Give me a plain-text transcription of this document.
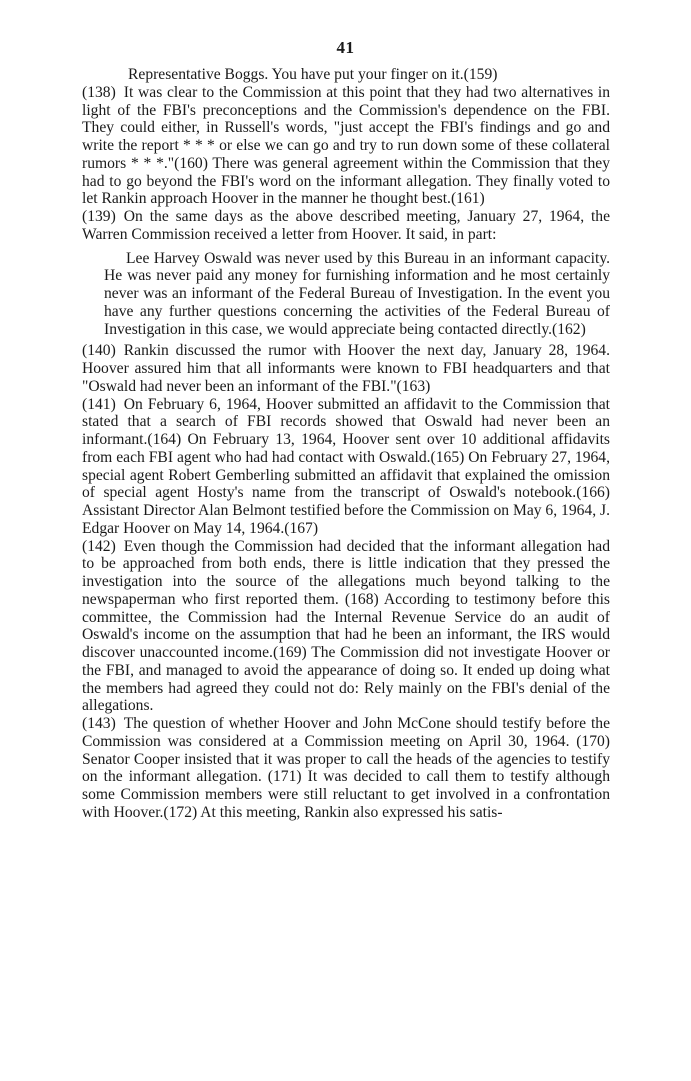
41

Representative Boggs. You have put your finger on it.(159)

(138) It was clear to the Commission at this point that they had two alternatives in light of the FBI's preconceptions and the Commission's dependence on the FBI. They could either, in Russell's words, "just accept the FBI's findings and go and write the report * * * or else we can go and try to run down some of these collateral rumors * * *."(160) There was general agreement within the Commission that they had to go beyond the FBI's word on the informant allegation. They finally voted to let Rankin approach Hoover in the manner he thought best.(161)

(139) On the same days as the above described meeting, January 27, 1964, the Warren Commission received a letter from Hoover. It said, in part:

Lee Harvey Oswald was never used by this Bureau in an informant capacity. He was never paid any money for furnishing information and he most certainly never was an informant of the Federal Bureau of Investigation. In the event you have any further questions concerning the activities of the Federal Bureau of Investigation in this case, we would appreciate being contacted directly.(162)

(140) Rankin discussed the rumor with Hoover the next day, January 28, 1964. Hoover assured him that all informants were known to FBI headquarters and that "Oswald had never been an informant of the FBI."(163)

(141) On February 6, 1964, Hoover submitted an affidavit to the Commission that stated that a search of FBI records showed that Oswald had never been an informant.(164) On February 13, 1964, Hoover sent over 10 additional affidavits from each FBI agent who had had contact with Oswald.(165) On February 27, 1964, special agent Robert Gemberling submitted an affidavit that explained the omission of special agent Hosty's name from the transcript of Oswald's notebook.(166) Assistant Director Alan Belmont testified before the Commission on May 6, 1964, J. Edgar Hoover on May 14, 1964.(167)

(142) Even though the Commission had decided that the informant allegation had to be approached from both ends, there is little indication that they pressed the investigation into the source of the allegations much beyond talking to the newspaperman who first reported them. (168) According to testimony before this committee, the Commission had the Internal Revenue Service do an audit of Oswald's income on the assumption that had he been an informant, the IRS would discover unaccounted income.(169) The Commission did not investigate Hoover or the FBI, and managed to avoid the appearance of doing so. It ended up doing what the members had agreed they could not do: Rely mainly on the FBI's denial of the allegations.

(143) The question of whether Hoover and John McCone should testify before the Commission was considered at a Commission meeting on April 30, 1964. (170) Senator Cooper insisted that it was proper to call the heads of the agencies to testify on the informant allegation. (171) It was decided to call them to testify although some Commission members were still reluctant to get involved in a confrontation with Hoover.(172) At this meeting, Rankin also expressed his satis-
